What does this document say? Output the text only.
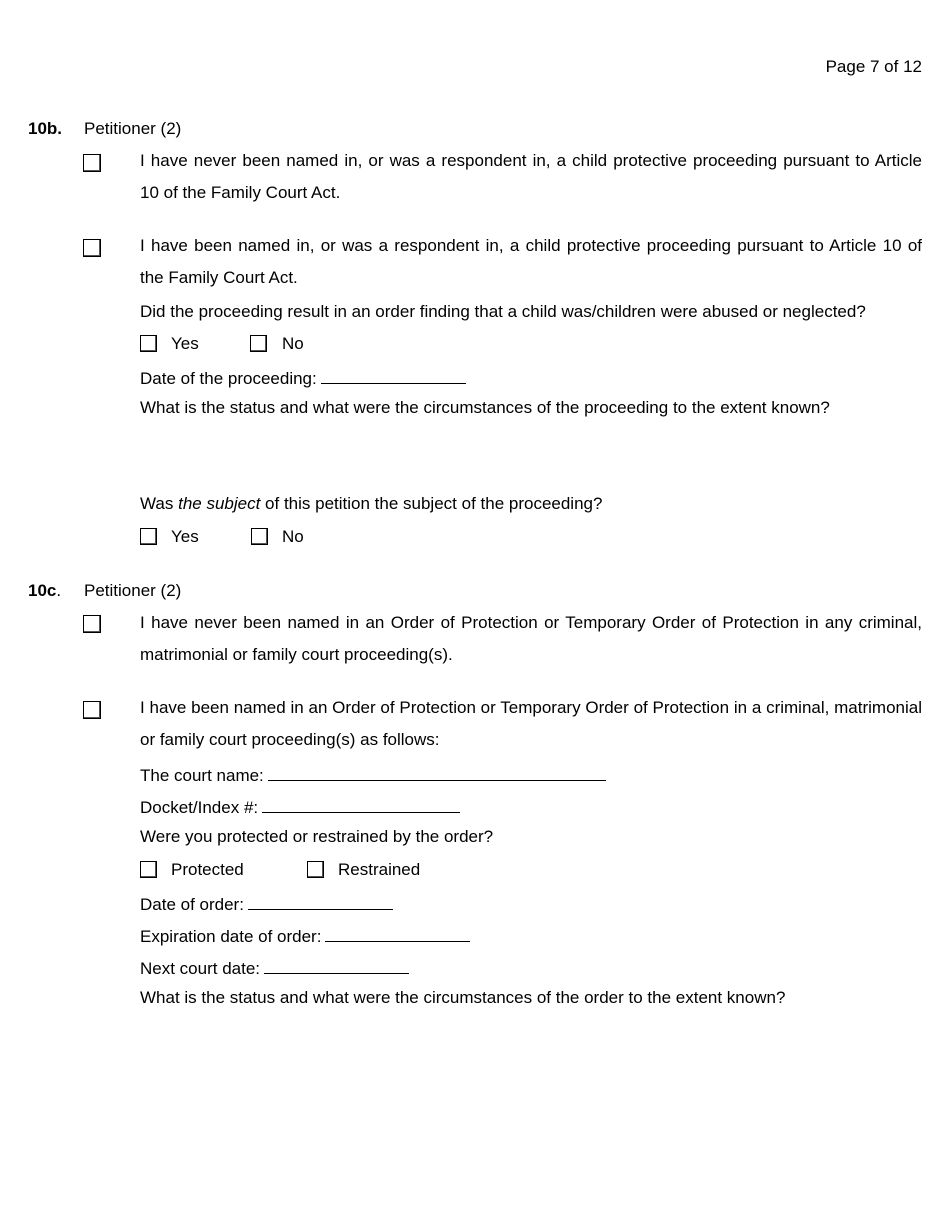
Page 7 of 12
10b. Petitioner (2)
I have never been named in, or was a respondent in, a child protective proceeding pursuant to Article 10 of the Family Court Act.
I have been named in, or was a respondent in, a child protective proceeding pursuant to Article 10 of the Family Court Act.
Did the proceeding result in an order finding that a child was/children were abused or neglected?
Yes	No
Date of the proceeding:
What is the status and what were the circumstances of the proceeding to the extent known?
Was the subject of this petition the subject of the proceeding?
Yes	No
10c. Petitioner (2)
I have never been named in an Order of Protection or Temporary Order of Protection in any criminal, matrimonial or family court proceeding(s).
I have been named in an Order of Protection or Temporary Order of Protection in a criminal, matrimonial or family court proceeding(s) as follows:
The court name:
Docket/Index #:
Were you protected or restrained by the order?
Protected	Restrained
Date of order:
Expiration date of order:
Next court date:
What is the status and what were the circumstances of the order to the extent known?
